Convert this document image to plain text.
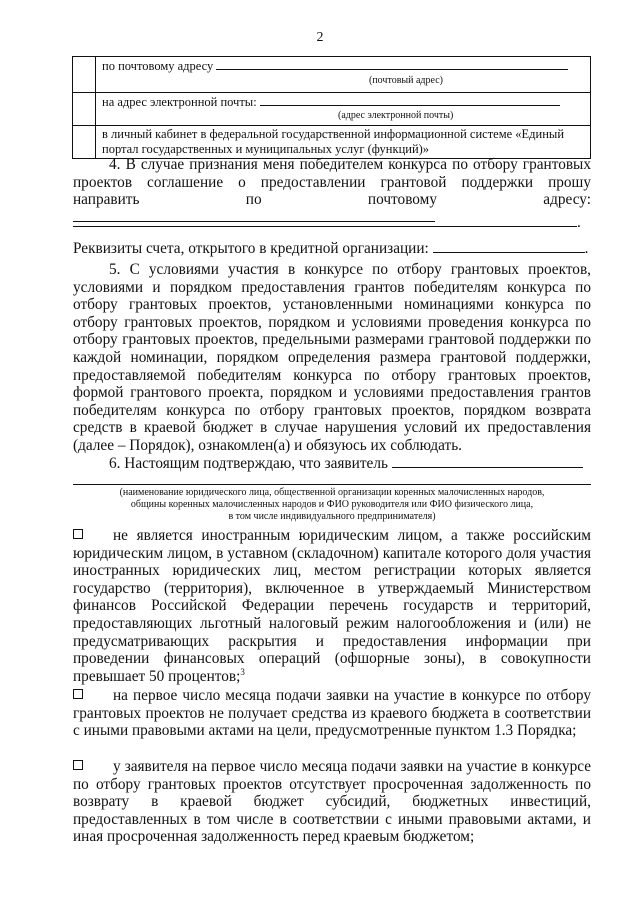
2

	по почтовому адресу
(почтовый адрес)

	на адрес электронной почты:
(адрес электронной почты)

	в личный кабинет в федеральной государственной информационной системе «Единый портал государственных и муниципальных услуг (функций)»
4. В случае признания меня победителем конкурса по отбору грантовых проектов соглашение о предоставлении грантовой поддержки прошу направить по почтовому адресу:
.
Реквизиты счета, открытого в кредитной организации:	.
5. С условиями участия в конкурсе по отбору грантовых проектов, условиями и порядком предоставления грантов победителям конкурса по отбору грантовых проектов, установленными номинациями конкурса по отбору грантовых проектов, порядком и условиями проведения конкурса по отбору грантовых проектов, предельными размерами грантовой поддержки по каждой номинации, порядком определения размера грантовой поддержки, предоставляемой победителям конкурса по отбору грантовых проектов, формой грантового проекта, порядком и условиями предоставления грантов победителям конкурса по отбору грантовых проектов, порядком возврата средств в краевой бюджет в случае нарушения условий их предоставления (далее – Порядок), ознакомлен(а) и обязуюсь их соблюдать.
6. Настоящим подтверждаю, что заявитель
(наименование юридического лица, общественной организации коренных малочисленных народов,
общины коренных малочисленных народов и ФИО руководителя или ФИО физического лица,
в том числе индивидуального предпринимателя)
не является иностранным юридическим лицом, а также российским юридическим лицом, в уставном (складочном) капитале которого доля участия иностранных юридических лиц, местом регистрации которых является государство (территория), включенное в утверждаемый Министерством финансов Российской Федерации перечень государств и территорий, предоставляющих льготный налоговый режим налогообложения и (или) не предусматривающих раскрытия и предоставления информации при проведении финансовых операций (офшорные зоны), в совокупности превышает 50 процентов;$^3$
на первое число месяца подачи заявки на участие в конкурсе по отбору грантовых проектов не получает средства из краевого бюджета в соответствии с иными правовыми актами на цели, предусмотренные пунктом 1.3 Порядка;
у заявителя на первое число месяца подачи заявки на участие в конкурсе по отбору грантовых проектов отсутствует просроченная задолженность по возврату в краевой бюджет субсидий, бюджетных инвестиций, предоставленных в том числе в соответствии с иными правовыми актами, и иная просроченная задолженность перед краевым бюджетом;
